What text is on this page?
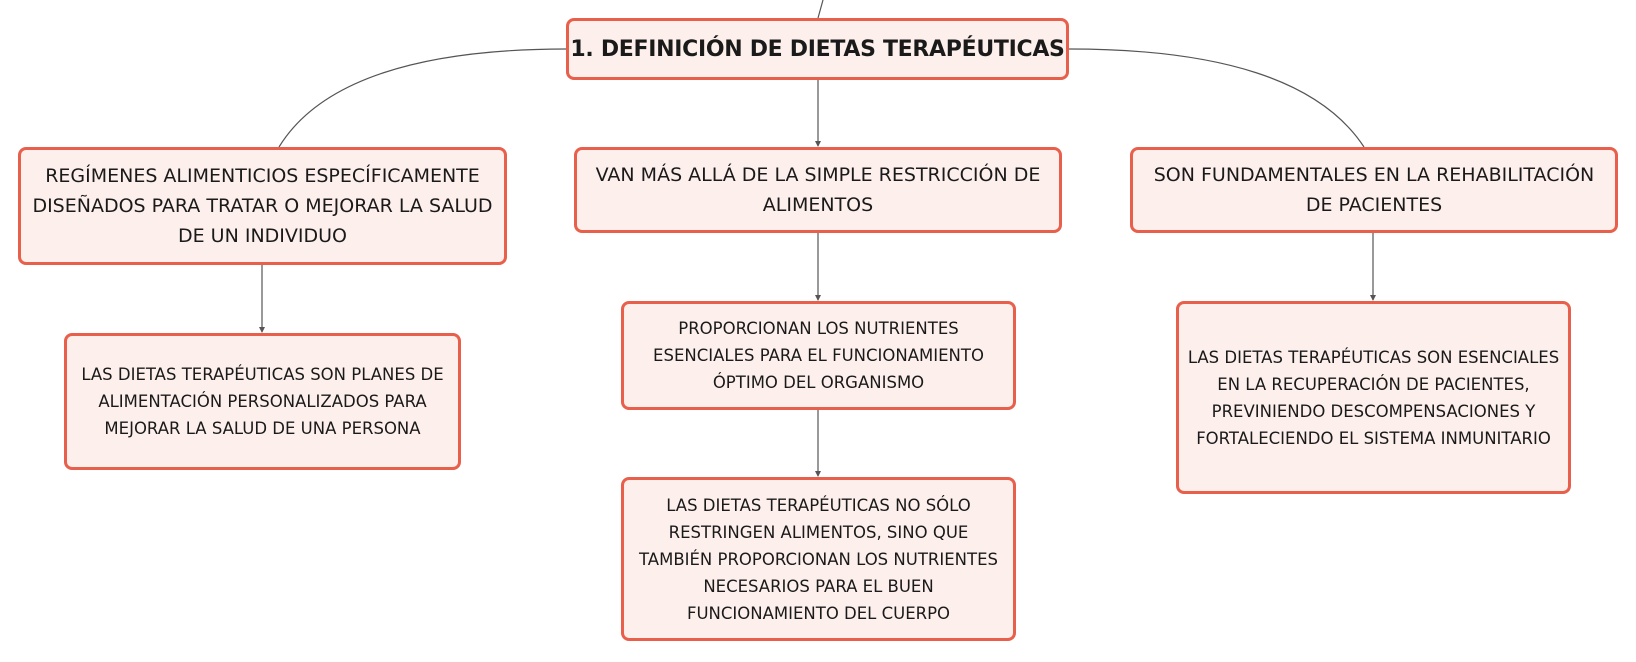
1. DEFINICIÓN DE DIETAS TERAPÉUTICAS
REGÍMENES ALIMENTICIOS ESPECÍFICAMENTE DISEÑADOS PARA TRATAR O MEJORAR LA SALUD DE UN INDIVIDUO
VAN MÁS ALLÁ DE LA SIMPLE RESTRICCIÓN DE ALIMENTOS
SON FUNDAMENTALES EN LA REHABILITACIÓN DE PACIENTES
LAS DIETAS TERAPÉUTICAS SON PLANES DE ALIMENTACIÓN PERSONALIZADOS PARA MEJORAR LA SALUD DE UNA PERSONA
PROPORCIONAN LOS NUTRIENTES ESENCIALES PARA EL FUNCIONAMIENTO ÓPTIMO DEL ORGANISMO
LAS DIETAS TERAPÉUTICAS NO SÓLO RESTRINGEN ALIMENTOS, SINO QUE TAMBIÉN PROPORCIONAN LOS NUTRIENTES NECESARIOS PARA EL BUEN FUNCIONAMIENTO DEL CUERPO
LAS DIETAS TERAPÉUTICAS SON ESENCIALES EN LA RECUPERACIÓN DE PACIENTES, PREVINIENDO DESCOMPENSACIONES Y FORTALECIENDO EL SISTEMA INMUNITARIO
